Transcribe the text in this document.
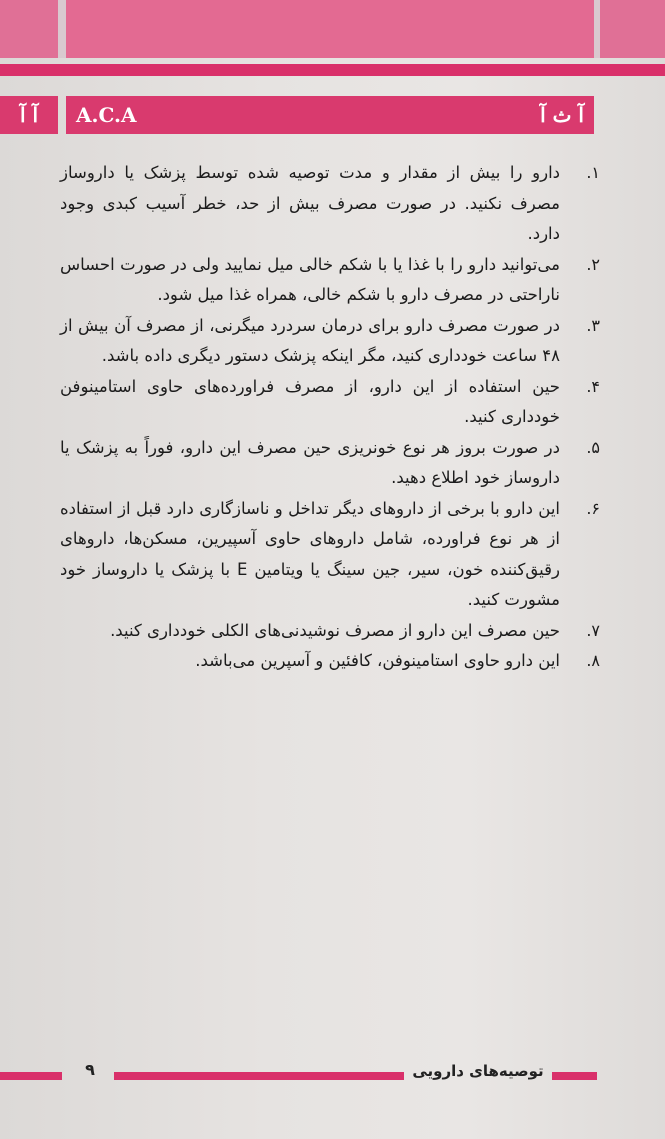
آ آ A.C.A	آ ث آ
۱.
دارو را بیش از مقدار و مدت توصیه شده توسط پزشک یا داروساز مصرف نکنید. در صورت مصرف بیش از حد، خطر آسیب کبدی وجود دارد.
۲.
می‌توانید دارو را با غذا یا با شکم خالی میل نمایید ولی در صورت احساس ناراحتی در مصرف دارو با شکم خالی، همراه غذا میل شود.
۳.
در صورت مصرف دارو برای درمان سردرد میگرنی، از مصرف آن بیش از ۴۸ ساعت خودداری کنید، مگر اینکه پزشک دستور دیگری داده باشد.
۴.
حین استفاده از این دارو، از مصرف فراورده‌های حاوی استامینوفن خودداری کنید.
۵.
در صورت بروز هر نوع خونریزی حین مصرف این دارو، فوراً به پزشک یا داروساز خود اطلاع دهید.
۶.
این دارو با برخی از داروهای دیگر تداخل و ناسازگاری دارد قبل از استفاده از هر نوع فراورده، شامل داروهای حاوی آسپیرین، مسکن‌ها، داروهای رقیق‌کننده خون، سیر، جین سینگ یا ویتامین E با پزشک یا داروساز خود مشورت کنید.
۷.
حین مصرف این دارو از مصرف نوشیدنی‌های الکلی خودداری کنید.
۸.
این دارو حاوی استامینوفن، کافئین و آسپرین می‌باشد.
۹	توصیه‌های دارویی
